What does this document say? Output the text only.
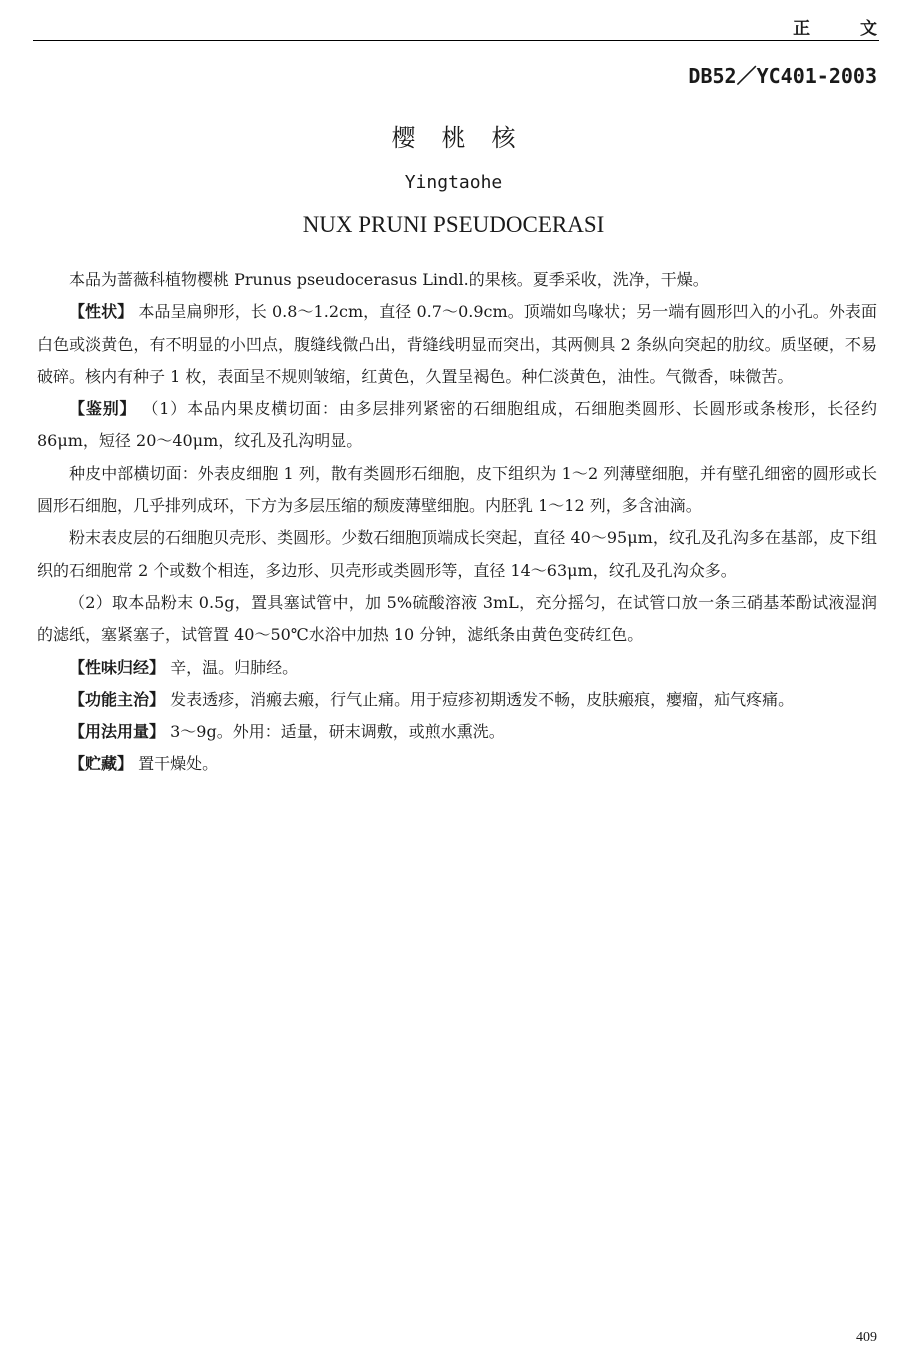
正 文
DB52／YC401-2003
樱桃核
Yingtaohe
NUX PRUNI PSEUDOCERASI

本品为蔷薇科植物樱桃 Prunus pseudocerasus Lindl.的果核。夏季采收，洗净，干燥。

【性状】 本品呈扁卵形，长 0.8～1.2cm，直径 0.7～0.9cm。顶端如鸟喙状；另一端有圆形凹入的小孔。外表面白色或淡黄色，有不明显的小凹点，腹缝线微凸出，背缝线明显而突出，其两侧具 2 条纵向突起的肋纹。质坚硬，不易破碎。核内有种子 1 枚，表面呈不规则皱缩，红黄色，久置呈褐色。种仁淡黄色，油性。气微香，味微苦。

【鉴别】 （1）本品内果皮横切面：由多层排列紧密的石细胞组成，石细胞类圆形、长圆形或条梭形，长径约 86μm，短径 20～40μm，纹孔及孔沟明显。

种皮中部横切面：外表皮细胞 1 列，散有类圆形石细胞，皮下组织为 1～2 列薄壁细胞，并有壁孔细密的圆形或长圆形石细胞，几乎排列成环，下方为多层压缩的颓废薄壁细胞。内胚乳 1～12 列，多含油滴。

粉末表皮层的石细胞贝壳形、类圆形。少数石细胞顶端成长突起，直径 40～95μm，纹孔及孔沟多在基部，皮下组织的石细胞常 2 个或数个相连，多边形、贝壳形或类圆形等，直径 14～63μm，纹孔及孔沟众多。

（2）取本品粉末 0.5g，置具塞试管中，加 5%硫酸溶液 3mL，充分摇匀，在试管口放一条三硝基苯酚试液湿润的滤纸，塞紧塞子，试管置 40～50℃水浴中加热 10 分钟，滤纸条由黄色变砖红色。

【性味归经】 辛，温。归肺经。

【功能主治】 发表透疹，消瘢去瘢，行气止痛。用于痘疹初期透发不畅，皮肤瘢痕，瘿瘤，疝气疼痛。

【用法用量】 3～9g。外用：适量，研末调敷，或煎水熏洗。

【贮藏】 置干燥处。

409
